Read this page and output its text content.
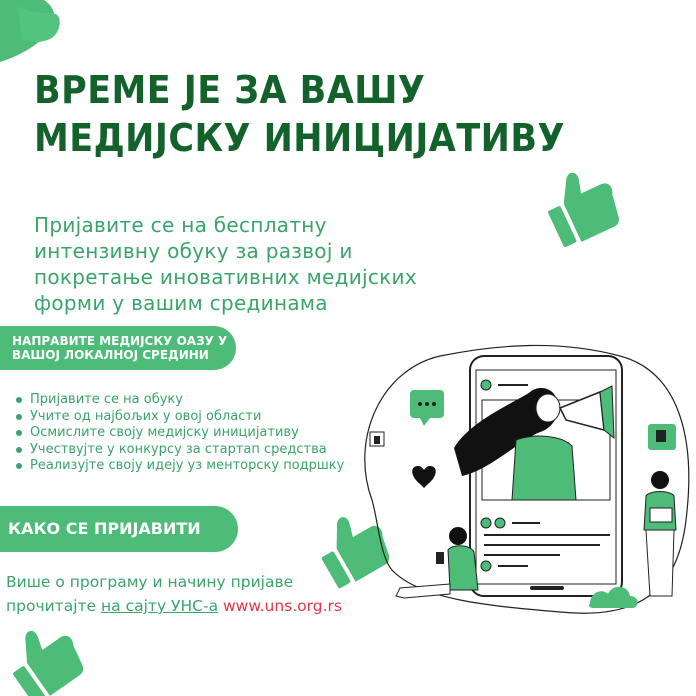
ВРЕМЕ ЈЕ ЗА ВАШУ
МЕДИЈСКУ ИНИЦИЈАТИВУ

Пријавите се на бесплатну интензивну обуку за развој и покретање иновативних медијских форми у вашим срединама

НАПРАВИТЕ МЕДИЈСКУ ОАЗУ У
ВАШОЈ ЛОКАЛНОЈ СРЕДИНИ
Пријавите се на обуку
Учите од најбољих у овој области
Осмислите своју медијску иницијативу
Учествујте у конкурсу за стартап средства
Реализујте своју идеју уз менторску подршку
КАКО СЕ ПРИЈАВИТИ
Више о програму и начину пријаве
прочитајте на сајту УНС-а www.uns.org.rs
